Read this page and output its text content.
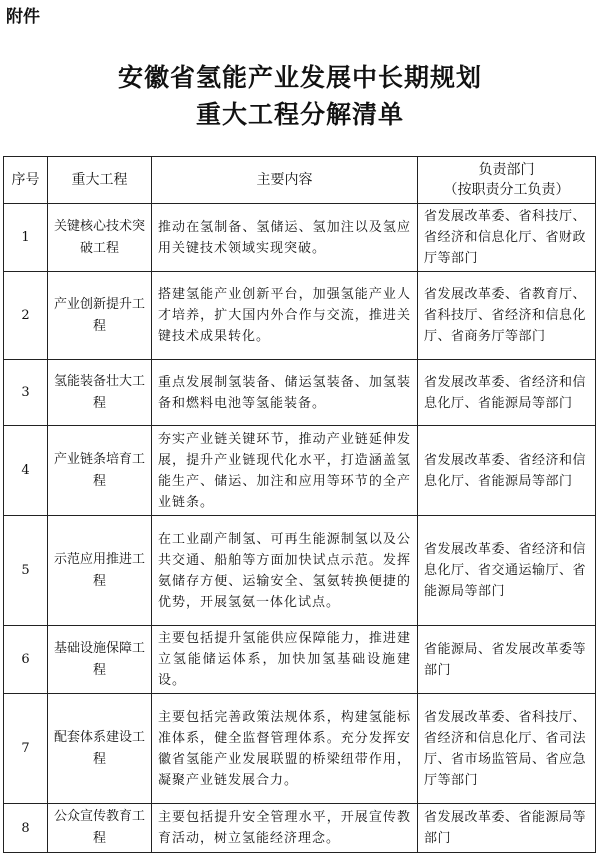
附件
安徽省氢能产业发展中长期规划
重大工程分解清单
序号	重大工程	主要内容	负责部门
（按职责分工负责）

1	关键核心技术突破工程	推动在氢制备、氢储运、氢加注以及氢应用关键技术领域实现突破。	省发展改革委、省科技厅、省经济和信息化厅、省财政厅等部门
2	产业创新提升工程	搭建氢能产业创新平台，加强氢能产业人才培养，扩大国内外合作与交流，推进关键技术成果转化。	省发展改革委、省教育厅、省科技厅、省经济和信息化厅、省商务厅等部门
3	氢能装备壮大工程	重点发展制氢装备、储运氢装备、加氢装备和燃料电池等氢能装备。	省发展改革委、省经济和信息化厅、省能源局等部门
4	产业链条培育工程	夯实产业链关键环节，推动产业链延伸发展，提升产业链现代化水平，打造涵盖氢能生产、储运、加注和应用等环节的全产业链条。	省发展改革委、省经济和信息化厅、省能源局等部门
5	示范应用推进工程	在工业副产制氢、可再生能源制氢以及公共交通、船舶等方面加快试点示范。发挥氨储存方便、运输安全、氢氨转换便捷的优势，开展氢氨一体化试点。	省发展改革委、省经济和信息化厅、省交通运输厅、省能源局等部门
6	基础设施保障工程	主要包括提升氢能供应保障能力，推进建立氢能储运体系，加快加氢基础设施建设。	省能源局、省发展改革委等部门
7	配套体系建设工程	主要包括完善政策法规体系，构建氢能标准体系，健全监督管理体系。充分发挥安徽省氢能产业发展联盟的桥梁纽带作用，凝聚产业链发展合力。	省发展改革委、省科技厅、省经济和信息化厅、省司法厅、省市场监管局、省应急厅等部门
8	公众宣传教育工程	主要包括提升安全管理水平，开展宣传教育活动，树立氢能经济理念。	省发展改革委、省能源局等部门
